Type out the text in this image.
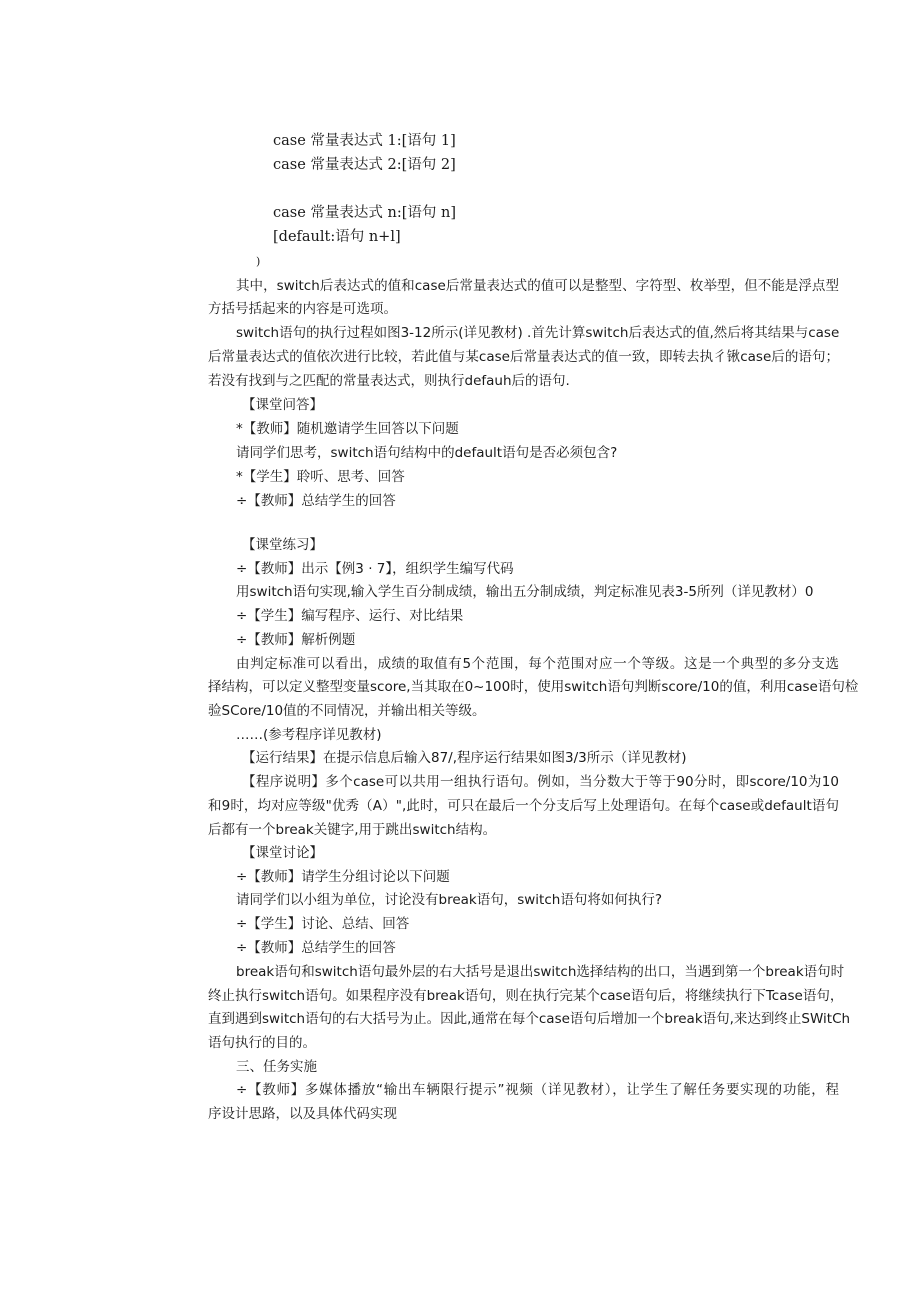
case 常量表达式 1:[语句 1]
case 常量表达式 2:[语句 2]
case 常量表达式 n:[语句 n]
[default:语句 n+l]
)
其中，switch后表达式的值和case后常量表达式的值可以是整型、字符型、枚举型，但不能是浮点型
方括号括起来的内容是可选项。
switch语句的执行过程如图3-12所示(详见教材) .首先计算switch后表达式的值,然后将其结果与case
后常量表达式的值依次进行比较，若此值与某case后常量表达式的值一致，即转去执彳锹case后的语句；
若没有找到与之匹配的常量表达式，则执行defauh后的语句.
【课堂问答】
*【教师】随机邀请学生回答以下问题
请同学们思考，switch语句结构中的default语句是否必须包含?
*【学生】聆听、思考、回答
÷【教师】总结学生的回答
【课堂练习】
÷【教师】出示【例3 · 7】，组织学生编写代码
用switch语句实现,输入学生百分制成绩，输出五分制成绩，判定标准见表3-5所列（详见教材）0
÷【学生】编写程序、运行、对比结果
÷【教师】解析例题
由判定标准可以看出，成绩的取值有5个范围，每个范围对应一个等级。这是一个典型的多分支选
择结构，可以定义整型变量score,当其取在0~100时，使用switch语句判断score/10的值，利用case语句检
验SCore/10值的不同情况，并输出相关等级。
……(参考程序详见教材)
【运行结果】在提示信息后输入87/,程序运行结果如图3/3所示（详见教材)
【程序说明】多个case可以共用一组执行语句。例如，当分数大于等于90分时，即score/10为10
和9时，均对应等级"优秀（A）",此时，可只在最后一个分支后写上处理语句。在每个case或default语句
后都有一个break关键字,用于跳出switch结构。
【课堂讨论】
÷【教师】请学生分组讨论以下问题
请同学们以小组为单位，讨论没有break语句，switch语句将如何执行?
÷【学生】讨论、总结、回答
÷【教师】总结学生的回答
break语句和switch语句最外层的右大括号是退出switch选择结构的出口，当遇到第一个break语句时
终止执行switch语句。如果程序没有break语句，则在执行完某个case语句后，将继续执行下Tcase语句，
直到遇到switch语句的右大括号为止。因此,通常在每个case语句后增加一个break语句,来达到终止SWitCh
语句执行的目的。
三、任务实施
÷【教师】多媒体播放“输出车辆限行提示”视频（详见教材），让学生了解任务要实现的功能，程
序设计思路，以及具体代码实现
